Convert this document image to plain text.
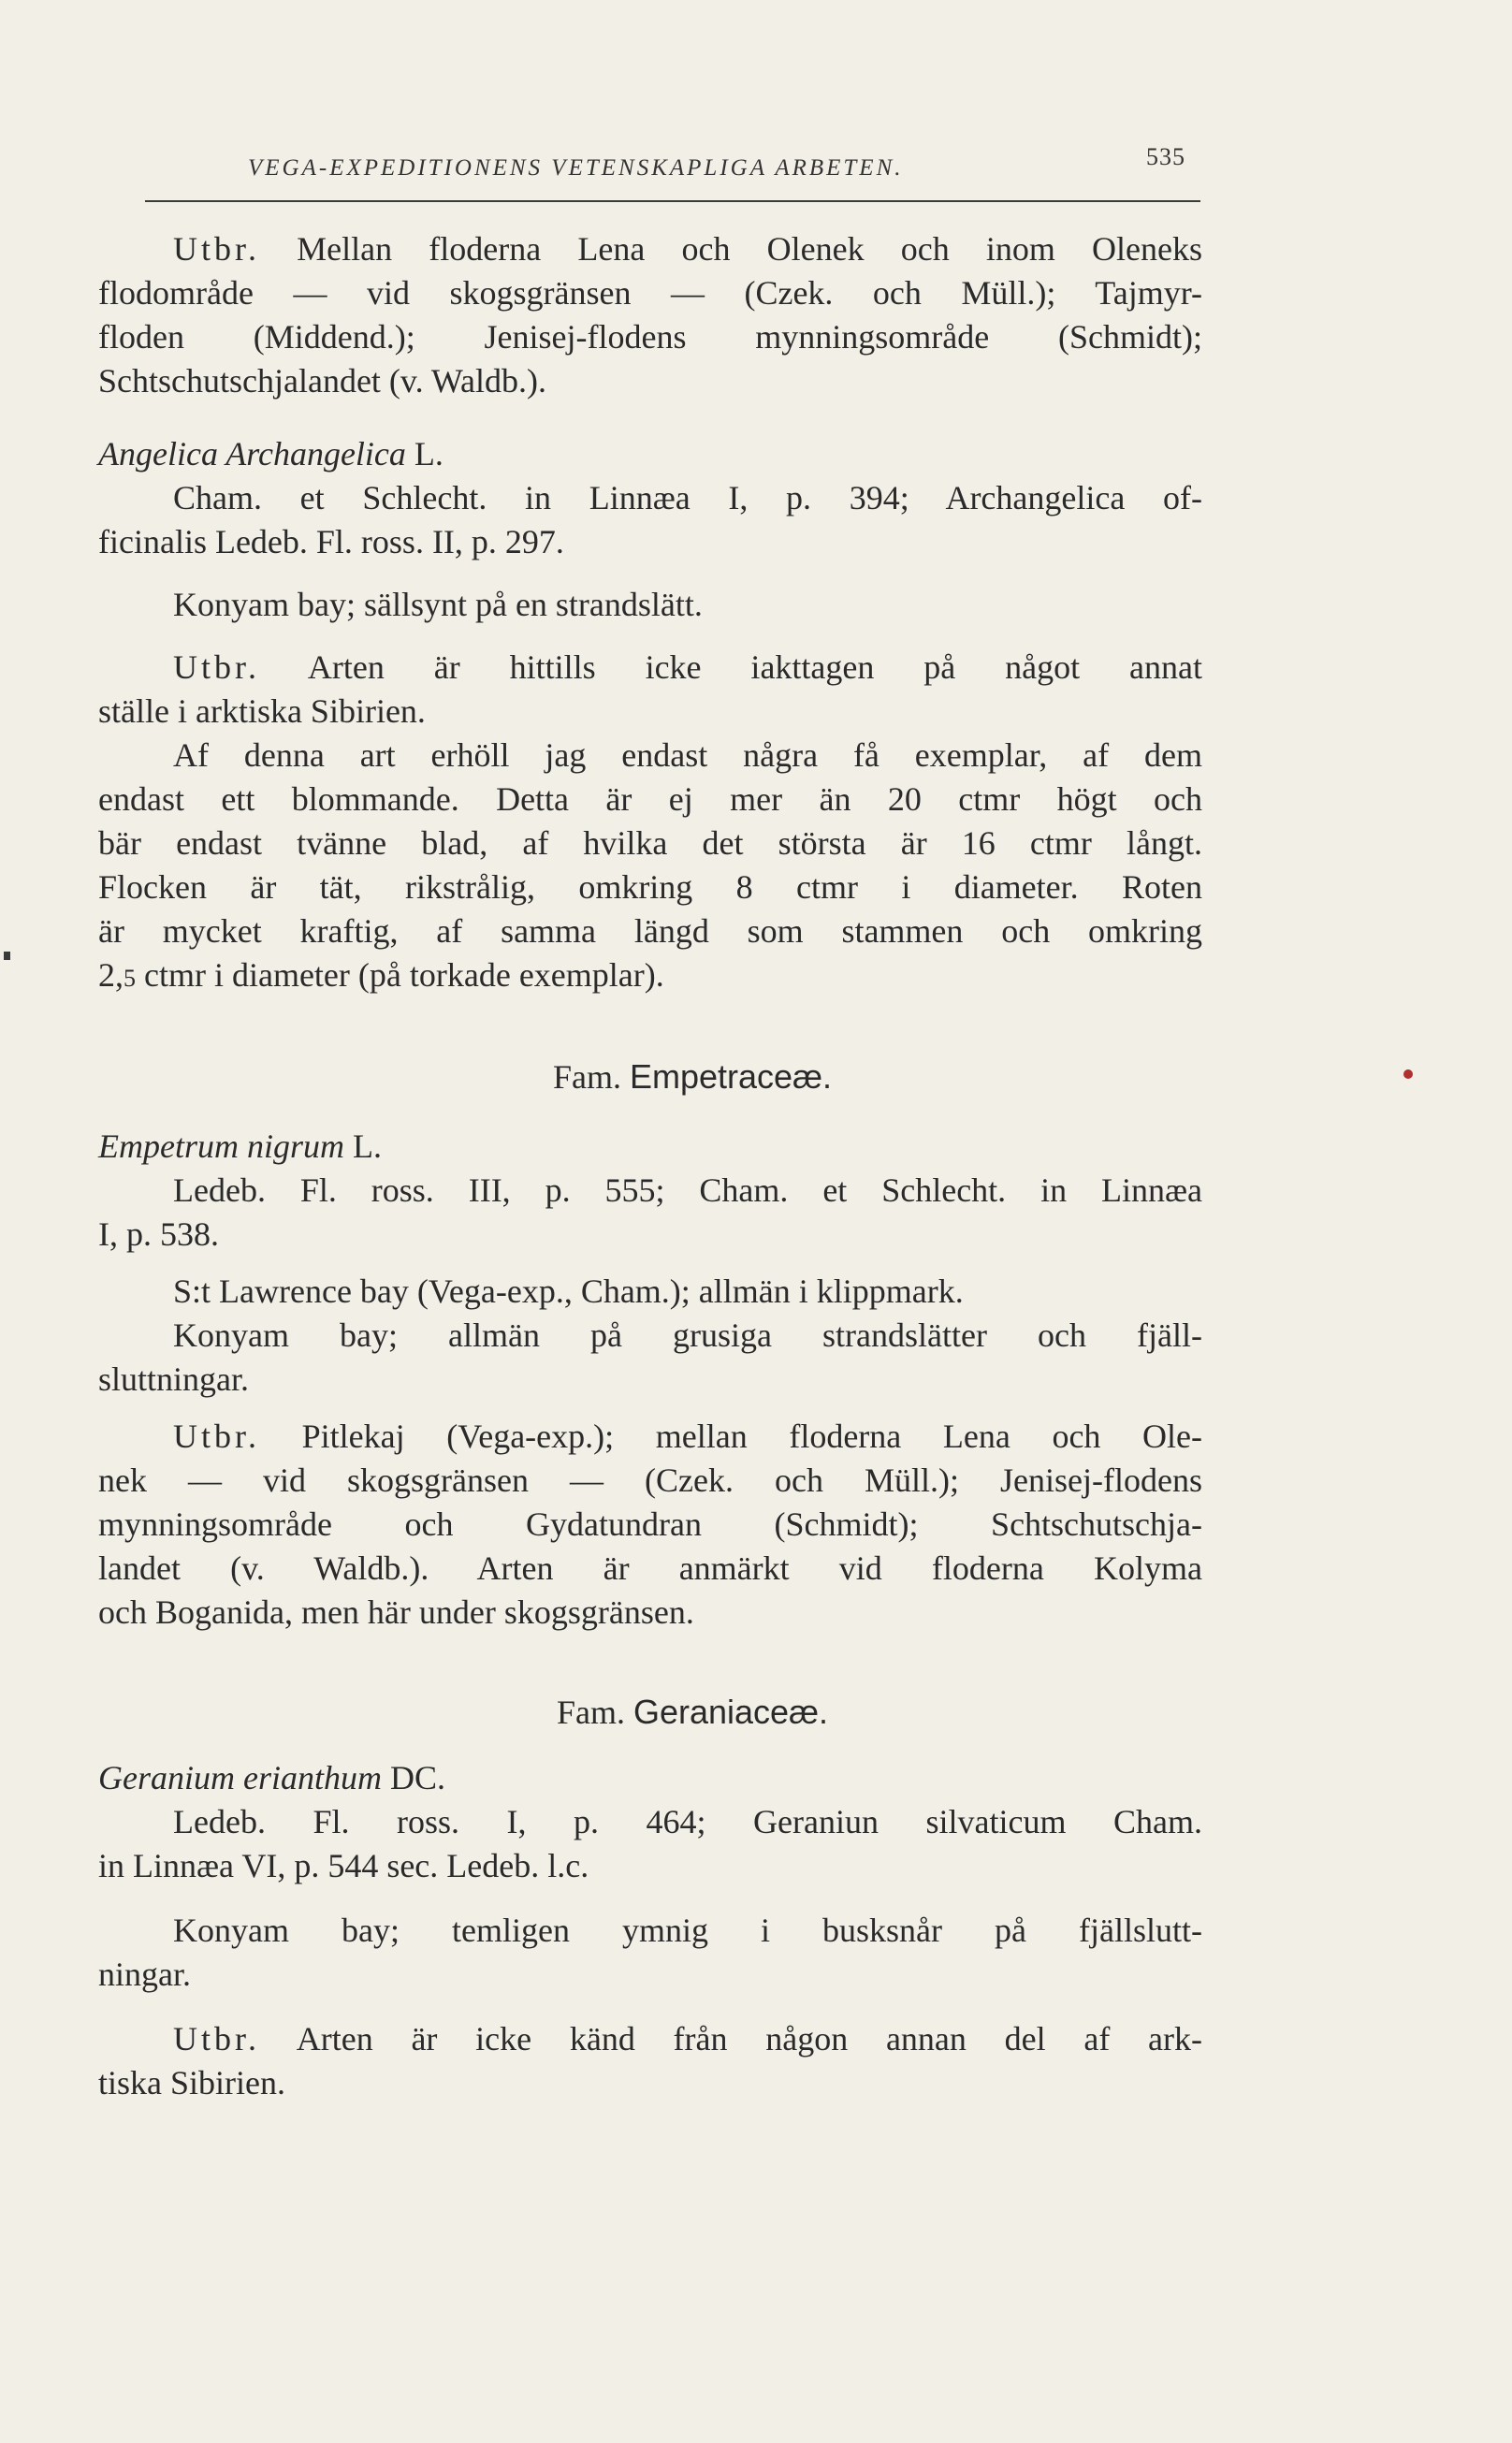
VEGA-EXPEDITIONENS VETENSKAPLIGA ARBETEN.	535
Utbr. Mellan floderna Lena och Olenek och inom Oleneks
flodområde — vid skogsgränsen — (Czek. och Müll.); Tajmyr-
floden (Middend.); Jenisej-flodens mynningsområde (Schmidt);
Schtschutschjalandet (v. Waldb.).
Angelica Archangelica L.
Cham. et Schlecht. in Linnæa I, p. 394; Archangelica of-
ficinalis Ledeb. Fl. ross. II, p. 297.
Konyam bay; sällsynt på en strandslätt.
Utbr. Arten är hittills icke iakttagen på något annat
ställe i arktiska Sibirien.
Af denna art erhöll jag endast några få exemplar, af dem
endast ett blommande. Detta är ej mer än 20 ctmr högt och
bär endast tvänne blad, af hvilka det största är 16 ctmr långt.
Flocken är tät, rikstrålig, omkring 8 ctmr i diameter. Roten
är mycket kraftig, af samma längd som stammen och omkring
2,5 ctmr i diameter (på torkade exemplar).
Fam. Empetraceæ.
Empetrum nigrum L.
Ledeb. Fl. ross. III, p. 555; Cham. et Schlecht. in Linnæa
I, p. 538.
S:t Lawrence bay (Vega-exp., Cham.); allmän i klippmark.
Konyam bay; allmän på grusiga strandslätter och fjäll-
sluttningar.
Utbr. Pitlekaj (Vega-exp.); mellan floderna Lena och Ole-
nek — vid skogsgränsen — (Czek. och Müll.); Jenisej-flodens
mynningsområde och Gydatundran (Schmidt); Schtschutschja-
landet (v. Waldb.). Arten är anmärkt vid floderna Kolyma
och Boganida, men här under skogsgränsen.
Fam. Geraniaceæ.
Geranium erianthum DC.
Ledeb. Fl. ross. I, p. 464; Geraniun silvaticum Cham.
in Linnæa VI, p. 544 sec. Ledeb. l.c.
Konyam bay; temligen ymnig i busksnår på fjällslutt-
ningar.
Utbr. Arten är icke känd från någon annan del af ark-
tiska Sibirien.
